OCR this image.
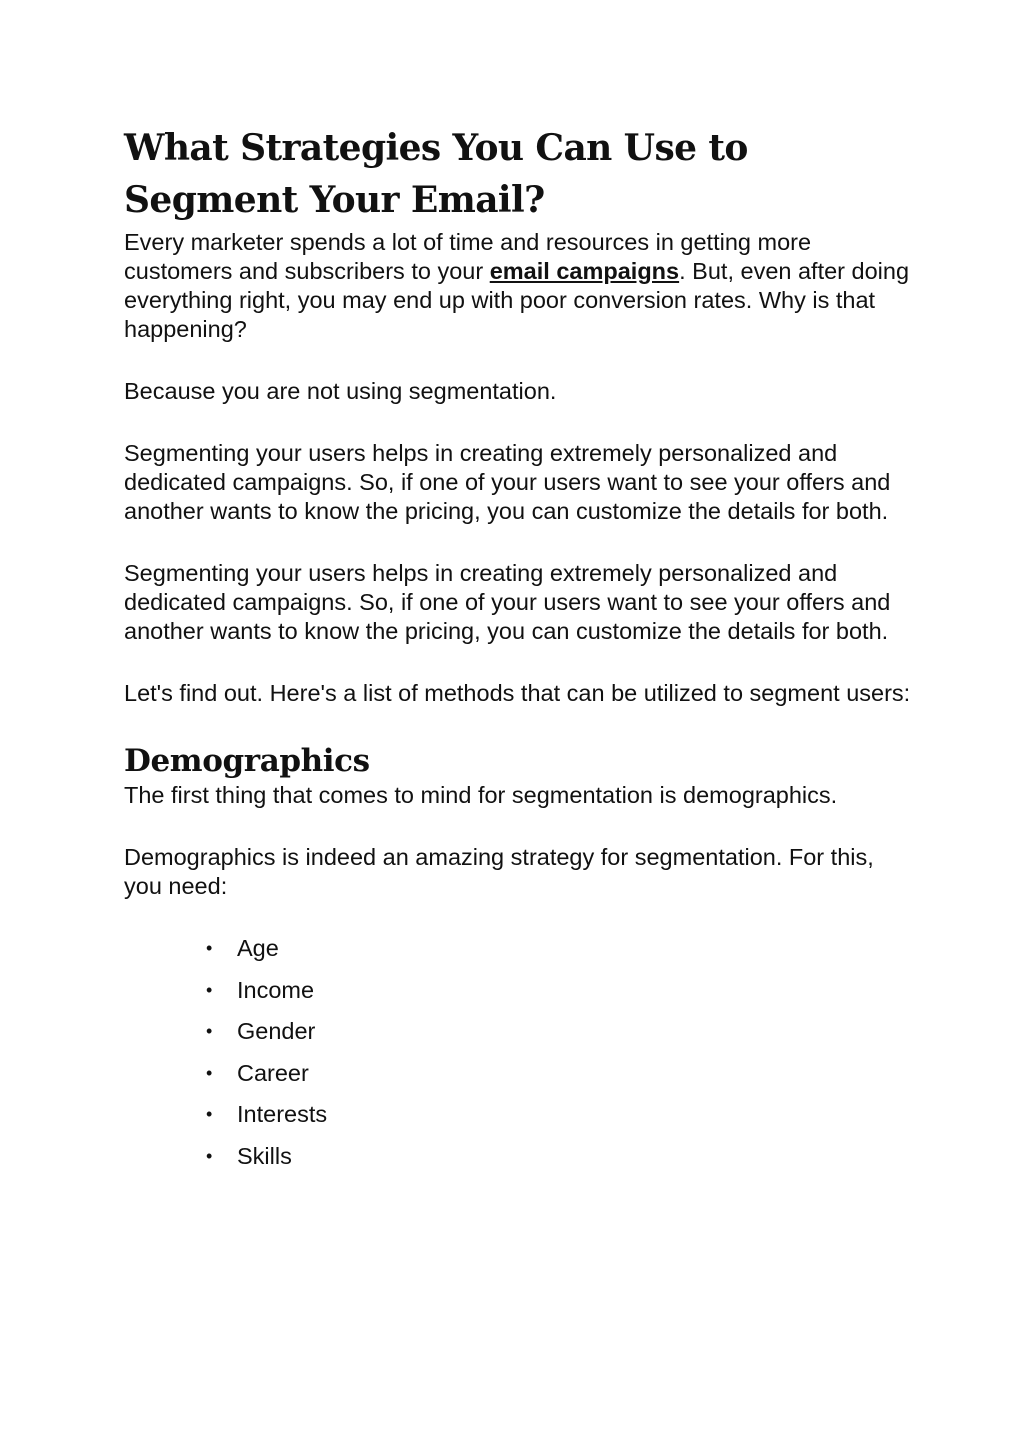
What Strategies You Can Use to Segment Your Email?

Every marketer spends a lot of time and resources in getting more customers and subscribers to your email campaigns. But, even after doing everything right, you may end up with poor conversion rates. Why is that happening?

Because you are not using segmentation.

Segmenting your users helps in creating extremely personalized and dedicated campaigns. So, if one of your users want to see your offers and another wants to know the pricing, you can customize the details for both.

Segmenting your users helps in creating extremely personalized and dedicated campaigns. So, if one of your users want to see your offers and another wants to know the pricing, you can customize the details for both.

Let's find out. Here's a list of methods that can be utilized to segment users:

Demographics

The first thing that comes to mind for segmentation is demographics.

Demographics is indeed an amazing strategy for segmentation. For this, you need:

•	Age
•	Income
•	Gender
•	Career
•	Interests
•	Skills
